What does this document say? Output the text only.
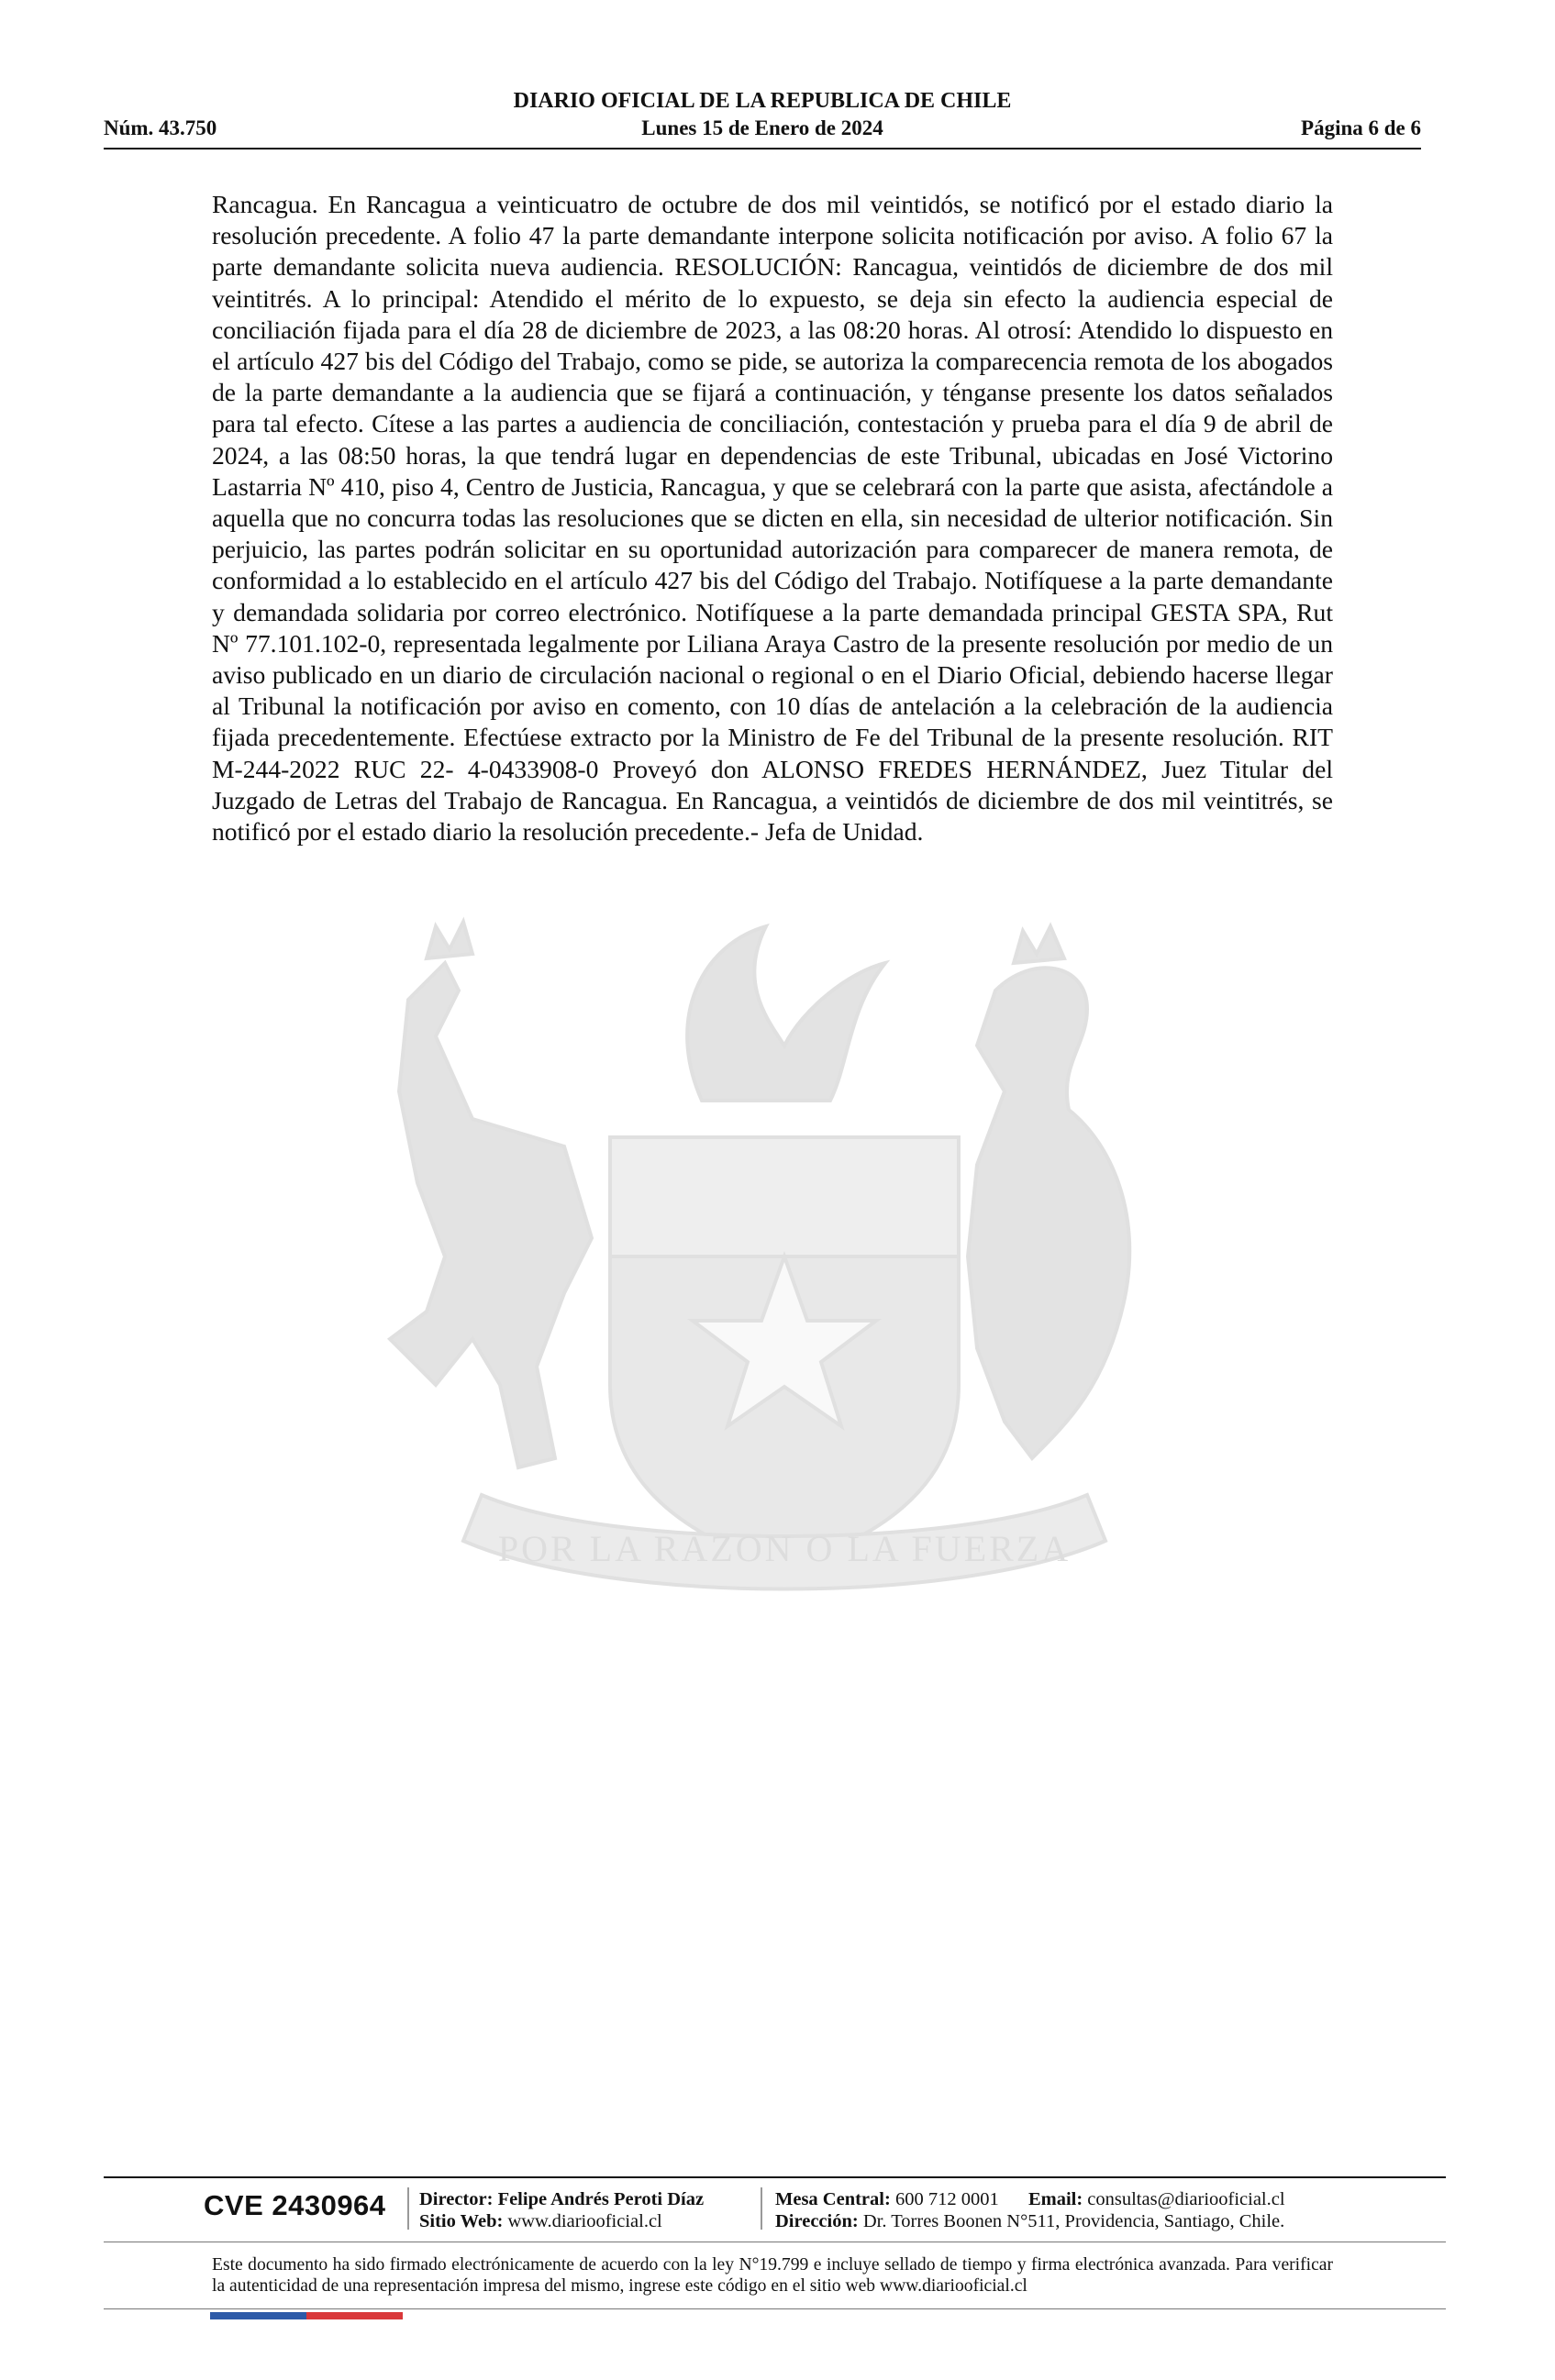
DIARIO OFICIAL DE LA REPUBLICA DE CHILE
Núm. 43.750	Lunes 15 de Enero de 2024	Página 6 de 6
POR LA RAZON O LA FUERZA
Rancagua. En Rancagua a veinticuatro de octubre de dos mil veintidós, se notificó por el estado diario la resolución precedente. A folio 47 la parte demandante interpone solicita notificación por aviso. A folio 67 la parte demandante solicita nueva audiencia. RESOLUCIÓN: Rancagua, veintidós de diciembre de dos mil veintitrés. A lo principal: Atendido el mérito de lo expuesto, se deja sin efecto la audiencia especial de conciliación fijada para el día 28 de diciembre de 2023, a las 08:20 horas. Al otrosí: Atendido lo dispuesto en el artículo 427 bis del Código del Trabajo, como se pide, se autoriza la comparecencia remota de los abogados de la parte demandante a la audiencia que se fijará a continuación, y ténganse presente los datos señalados para tal efecto. Cítese a las partes a audiencia de conciliación, contestación y prueba para el día 9 de abril de 2024, a las 08:50 horas, la que tendrá lugar en dependencias de este Tribunal, ubicadas en José Victorino Lastarria Nº 410, piso 4, Centro de Justicia, Rancagua, y que se celebrará con la parte que asista, afectándole a aquella que no concurra todas las resoluciones que se dicten en ella, sin necesidad de ulterior notificación. Sin perjuicio, las partes podrán solicitar en su oportunidad autorización para comparecer de manera remota, de conformidad a lo establecido en el artículo 427 bis del Código del Trabajo. Notifíquese a la parte demandante y demandada solidaria por correo electrónico. Notifíquese a la parte demandada principal GESTA SPA, Rut Nº 77.101.102-0, representada legalmente por Liliana Araya Castro de la presente resolución por medio de un aviso publicado en un diario de circulación nacional o regional o en el Diario Oficial, debiendo hacerse llegar al Tribunal la notificación por aviso en comento, con 10 días de antelación a la celebración de la audiencia fijada precedentemente. Efectúese extracto por la Ministro de Fe del Tribunal de la presente resolución. RIT M-244-2022 RUC 22- 4-0433908-0 Proveyó don ALONSO FREDES HERNÁNDEZ, Juez Titular del Juzgado de Letras del Trabajo de Rancagua. En Rancagua, a veintidós de diciembre de dos mil veintitrés, se notificó por el estado diario la resolución precedente.- Jefa de Unidad.
CVE 2430964 Director: Felipe Andrés Peroti Díaz
Sitio Web: www.diariooficial.cl
Mesa Central: 600 712 0001 Email: consultas@diariooficial.cl
Dirección: Dr. Torres Boonen N°511, Providencia, Santiago, Chile.
Este documento ha sido firmado electrónicamente de acuerdo con la ley N°19.799 e incluye sellado de tiempo y firma electrónica avanzada. Para verificar la autenticidad de una representación impresa del mismo, ingrese este código en el sitio web www.diariooficial.cl
